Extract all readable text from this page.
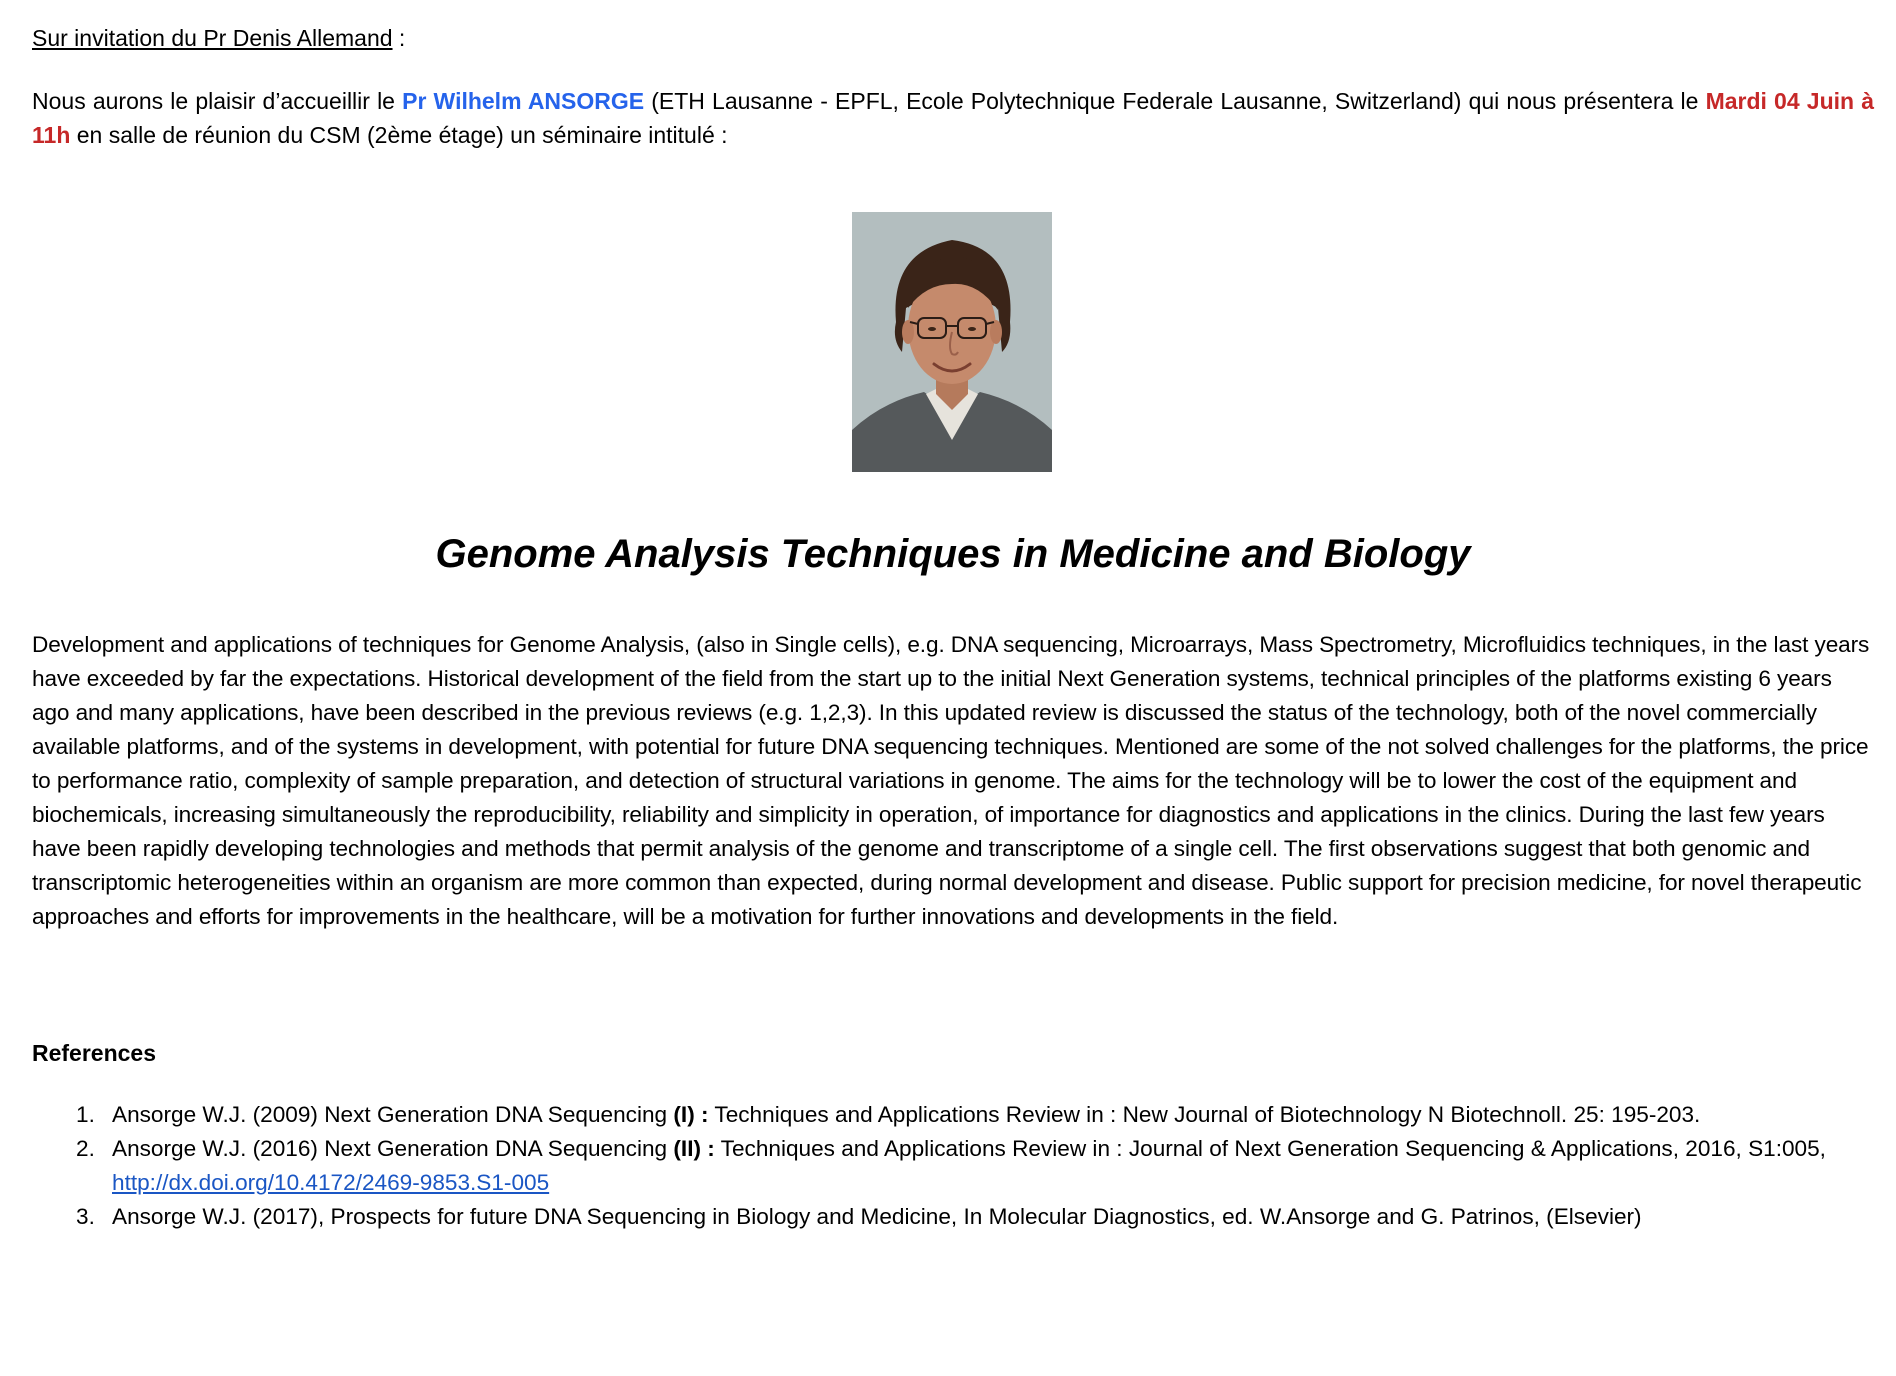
Sur invitation du Pr Denis Allemand :

Nous aurons le plaisir d’accueillir le Pr Wilhelm ANSORGE (ETH Lausanne - EPFL, Ecole Polytechnique Federale Lausanne, Switzerland) qui nous présentera le Mardi 04 Juin à 11h en salle de réunion du CSM (2ème étage) un séminaire intitulé :

Genome Analysis Techniques in Medicine and Biology

Development and applications of techniques for Genome Analysis, (also in Single cells), e.g. DNA sequencing, Microarrays, Mass Spectrometry, Microfluidics techniques, in the last years have exceeded by far the expectations. Historical development of the field from the start up to the initial Next Generation systems, technical principles of the platforms existing 6 years ago and many applications, have been described in the previous reviews (e.g. 1,2,3). In this updated review is discussed the status of the technology, both of the novel commercially available platforms, and of the systems in development, with potential for future DNA sequencing techniques. Mentioned are some of the not solved challenges for the platforms, the price to performance ratio, complexity of sample preparation, and detection of structural variations in genome. The aims for the technology will be to lower the cost of the equipment and biochemicals, increasing simultaneously the reproducibility, reliability and simplicity in operation, of importance for diagnostics and applications in the clinics. During the last few years have been rapidly developing technologies and methods that permit analysis of the genome and transcriptome of a single cell. The first observations suggest that both genomic and transcriptomic heterogeneities within an organism are more common than expected, during normal development and disease. Public support for precision medicine, for novel therapeutic approaches and efforts for improvements in the healthcare, will be a motivation for further innovations and developments in the field.

References
1. Ansorge W.J. (2009) Next Generation DNA Sequencing (I) : Techniques and Applications Review in : New Journal of Biotechnology N Biotechnoll. 25: 195-203.
2. Ansorge W.J. (2016) Next Generation DNA Sequencing (II) : Techniques and Applications Review in : Journal of Next Generation Sequencing & Applications, 2016, S1:005, http://dx.doi.org/10.4172/2469-9853.S1-005
3. Ansorge W.J. (2017), Prospects for future DNA Sequencing in Biology and Medicine, In Molecular Diagnostics, ed. W.Ansorge and G. Patrinos, (Elsevier)
